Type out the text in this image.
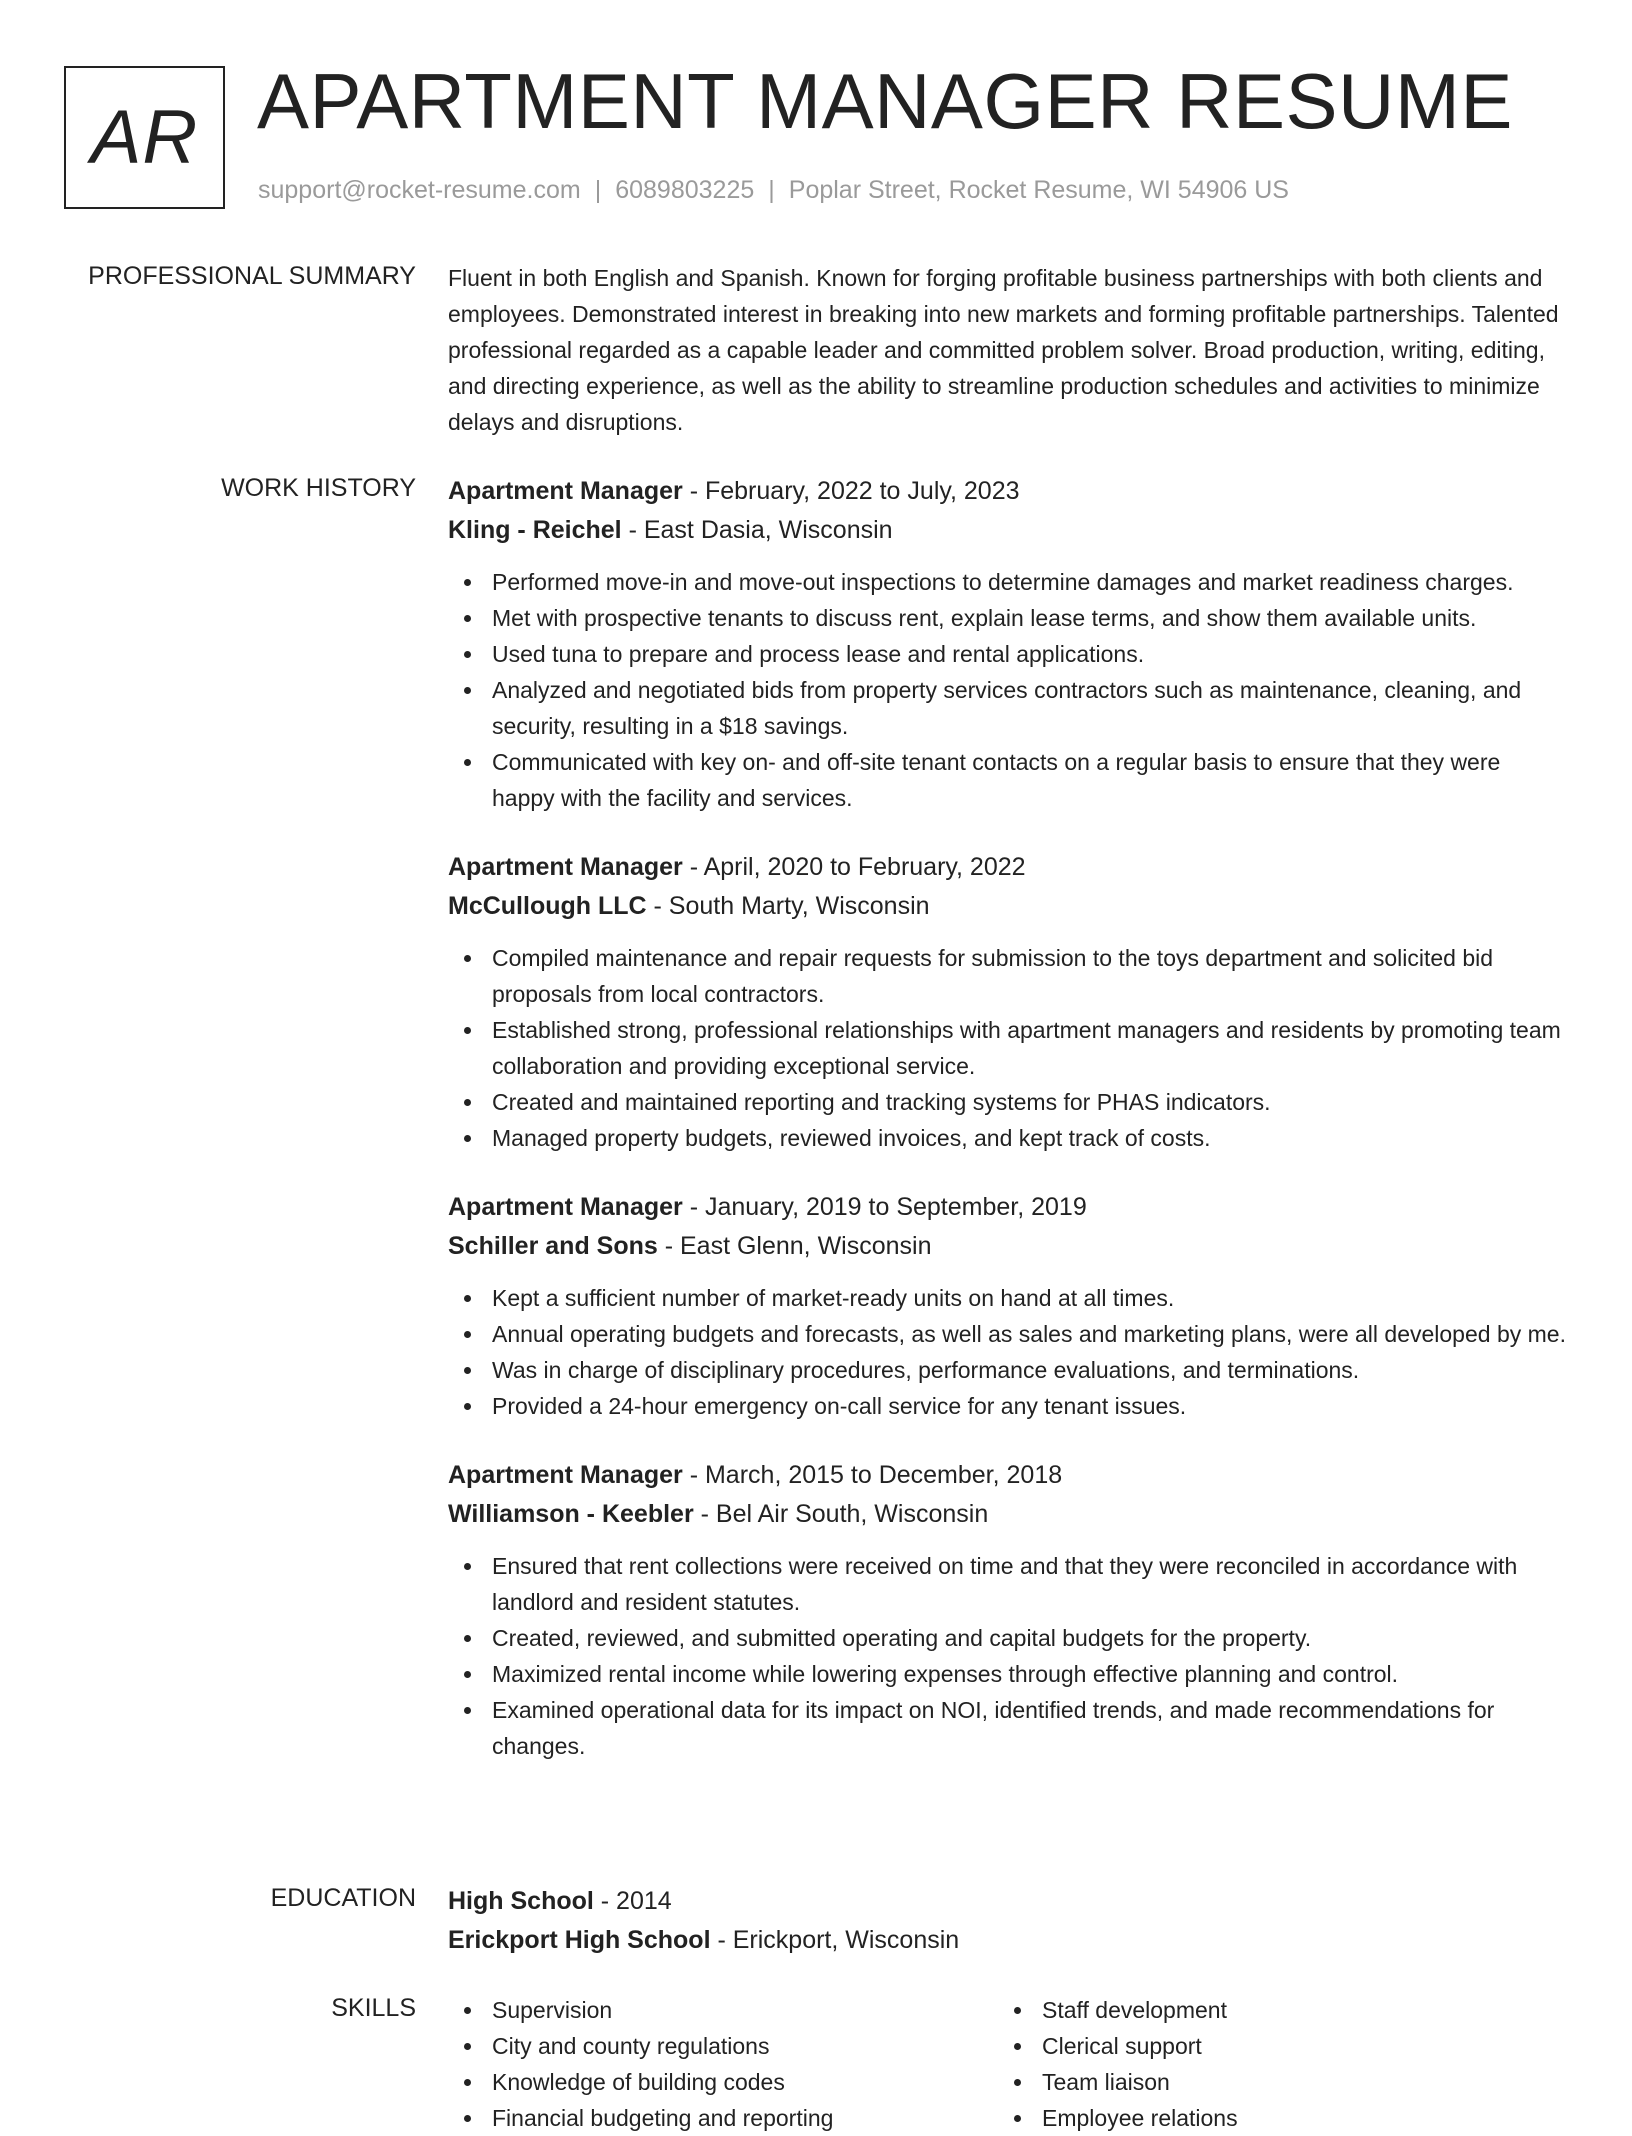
AR APARTMENT MANAGER RESUME
support@rocket-resume.com | 6089803225 | Poplar Street, Rocket Resume, WI 54906 US
PROFESSIONAL SUMMARY Fluent in both English and Spanish. Known for forging profitable business partnerships with both clients and employees. Demonstrated interest in breaking into new markets and forming profitable partnerships. Talented professional regarded as a capable leader and committed problem solver. Broad production, writing, editing, and directing experience, as well as the ability to streamline production schedules and activities to minimize delays and disruptions.

WORK HISTORY Apartment Manager - February, 2022 to July, 2023
Kling - Reichel - East Dasia, Wisconsin
Performed move-in and move-out inspections to determine damages and market readiness charges.
Met with prospective tenants to discuss rent, explain lease terms, and show them available units.
Used tuna to prepare and process lease and rental applications.
Analyzed and negotiated bids from property services contractors such as maintenance, cleaning, and security, resulting in a $18 savings.
Communicated with key on- and off-site tenant contacts on a regular basis to ensure that they were happy with the facility and services.
Apartment Manager - April, 2020 to February, 2022
McCullough LLC - South Marty, Wisconsin
Compiled maintenance and repair requests for submission to the toys department and solicited bid proposals from local contractors.
Established strong, professional relationships with apartment managers and residents by promoting team collaboration and providing exceptional service.
Created and maintained reporting and tracking systems for PHAS indicators.
Managed property budgets, reviewed invoices, and kept track of costs.
Apartment Manager - January, 2019 to September, 2019
Schiller and Sons - East Glenn, Wisconsin
Kept a sufficient number of market-ready units on hand at all times.
Annual operating budgets and forecasts, as well as sales and marketing plans, were all developed by me.
Was in charge of disciplinary procedures, performance evaluations, and terminations.
Provided a 24-hour emergency on-call service for any tenant issues.
Apartment Manager - March, 2015 to December, 2018
Williamson - Keebler - Bel Air South, Wisconsin
Ensured that rent collections were received on time and that they were reconciled in accordance with landlord and resident statutes.
Created, reviewed, and submitted operating and capital budgets for the property.
Maximized rental income while lowering expenses through effective planning and control.
Examined operational data for its impact on NOI, identified trends, and made recommendations for changes.
EDUCATION High School - 2014
Erickport High School - Erickport, Wisconsin
SKILLS	Supervision
City and county regulations
Knowledge of building codes
Financial budgeting and reporting
Staff development
Clerical support
Team liaison
Employee relations
